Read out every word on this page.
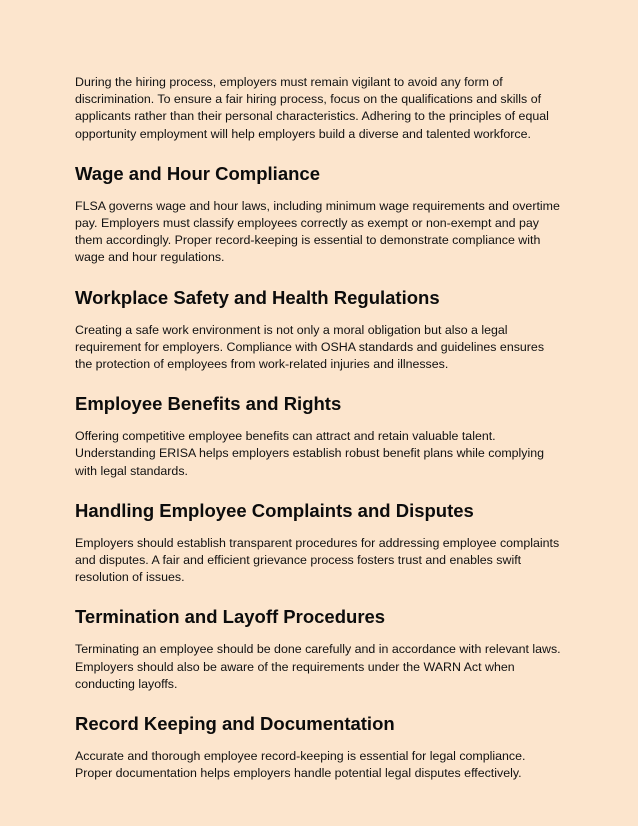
During the hiring process, employers must remain vigilant to avoid any form of discrimination. To ensure a fair hiring process, focus on the qualifications and skills of applicants rather than their personal characteristics. Adhering to the principles of equal opportunity employment will help employers build a diverse and talented workforce.

Wage and Hour Compliance

FLSA governs wage and hour laws, including minimum wage requirements and overtime pay. Employers must classify employees correctly as exempt or non-exempt and pay them accordingly. Proper record-keeping is essential to demonstrate compliance with wage and hour regulations.

Workplace Safety and Health Regulations

Creating a safe work environment is not only a moral obligation but also a legal requirement for employers. Compliance with OSHA standards and guidelines ensures the protection of employees from work-related injuries and illnesses.

Employee Benefits and Rights

Offering competitive employee benefits can attract and retain valuable talent. Understanding ERISA helps employers establish robust benefit plans while complying with legal standards.

Handling Employee Complaints and Disputes

Employers should establish transparent procedures for addressing employee complaints and disputes. A fair and efficient grievance process fosters trust and enables swift resolution of issues.

Termination and Layoff Procedures

Terminating an employee should be done carefully and in accordance with relevant laws. Employers should also be aware of the requirements under the WARN Act when conducting layoffs.

Record Keeping and Documentation

Accurate and thorough employee record-keeping is essential for legal compliance. Proper documentation helps employers handle potential legal disputes effectively.
